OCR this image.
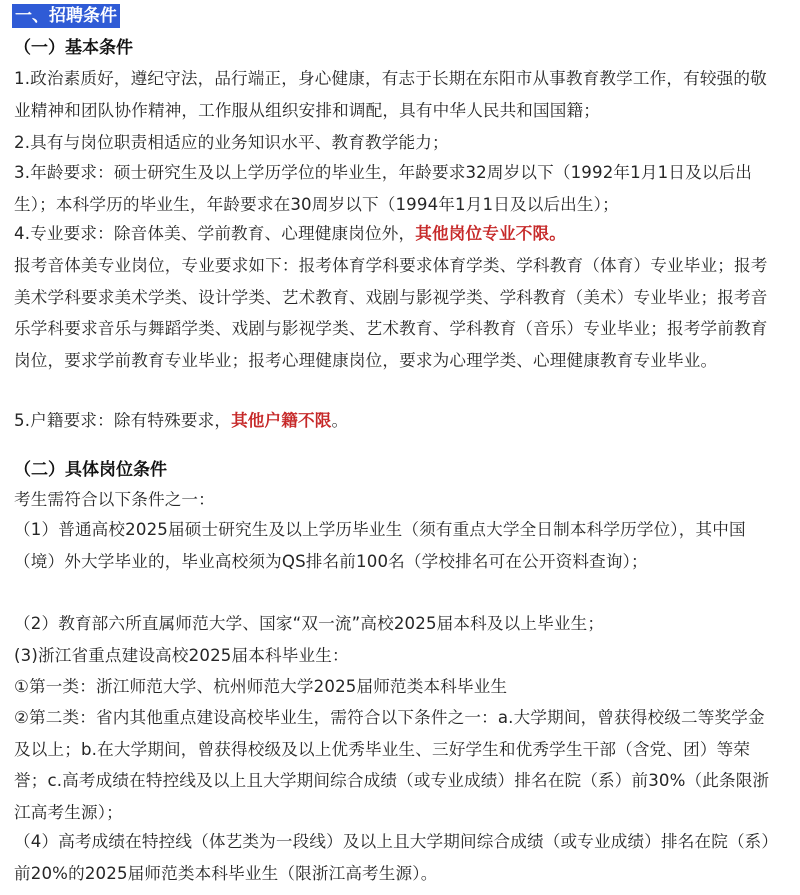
一、招聘条件
（一）基本条件
1.政治素质好，遵纪守法，品行端正，身心健康，有志于长期在东阳市从事教育教学工作，有较强的敬业精神和团队协作精神，工作服从组织安排和调配，具有中华人民共和国国籍；
2.具有与岗位职责相适应的业务知识水平、教育教学能力；
3.年龄要求：硕士研究生及以上学历学位的毕业生，年龄要求32周岁以下（1992年1月1日及以后出生）；本科学历的毕业生，年龄要求在30周岁以下（1994年1月1日及以后出生）；
4.专业要求：除音体美、学前教育、心理健康岗位外，其他岗位专业不限。
报考音体美专业岗位，专业要求如下：报考体育学科要求体育学类、学科教育（体育）专业毕业；报考美术学科要求美术学类、设计学类、艺术教育、戏剧与影视学类、学科教育（美术）专业毕业；报考音乐学科要求音乐与舞蹈学类、戏剧与影视学类、艺术教育、学科教育（音乐）专业毕业；报考学前教育岗位，要求学前教育专业毕业；报考心理健康岗位，要求为心理学类、心理健康教育专业毕业。
5.户籍要求：除有特殊要求，其他户籍不限。
（二）具体岗位条件
考生需符合以下条件之一：
（1）普通高校2025届硕士研究生及以上学历毕业生（须有重点大学全日制本科学历学位），其中国（境）外大学毕业的，毕业高校须为QS排名前100名（学校排名可在公开资料查询）；
（2）教育部六所直属师范大学、国家“双一流”高校2025届本科及以上毕业生；
(3)浙江省重点建设高校2025届本科毕业生：
①第一类：浙江师范大学、杭州师范大学2025届师范类本科毕业生
②第二类：省内其他重点建设高校毕业生，需符合以下条件之一：a.大学期间，曾获得校级二等奖学金及以上；b.在大学期间，曾获得校级及以上优秀毕业生、三好学生和优秀学生干部（含党、团）等荣誉；c.高考成绩在特控线及以上且大学期间综合成绩（或专业成绩）排名在院（系）前30%（此条限浙江高考生源）；
（4）高考成绩在特控线（体艺类为一段线）及以上且大学期间综合成绩（或专业成绩）排名在院（系）前20%的2025届师范类本科毕业生（限浙江高考生源）。
